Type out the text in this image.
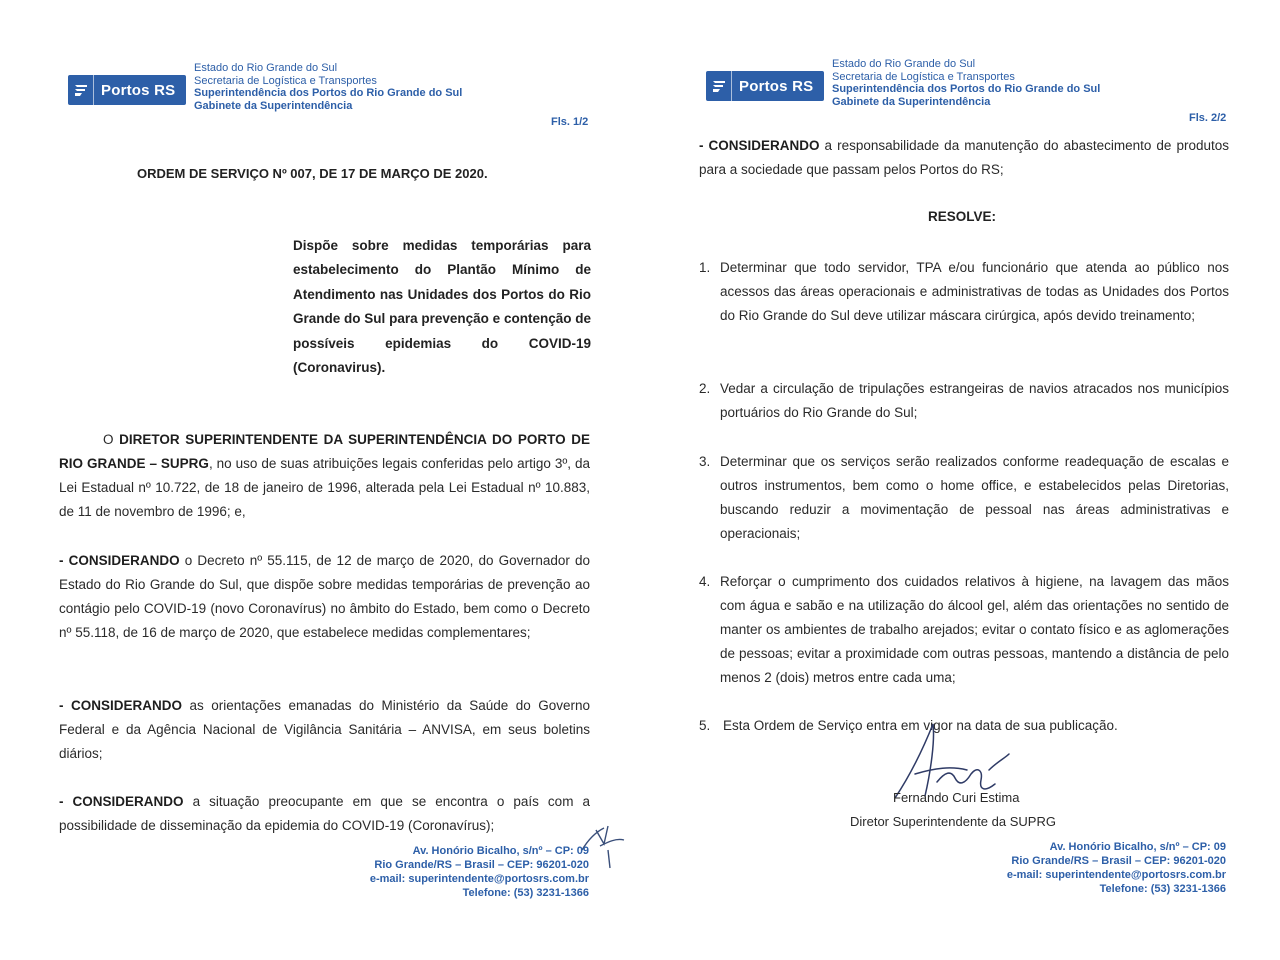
Portos RS
Estado do Rio Grande do Sul
Secretaria de Logística e Transportes
Superintendência dos Portos do Rio Grande do Sul
Gabinete da Superintendência
Fls. 1/2
ORDEM DE SERVIÇO Nº 007, DE 17 DE MARÇO DE 2020.
Dispõe sobre medidas temporárias para estabelecimento do Plantão Mínimo de Atendimento nas Unidades dos Portos do Rio Grande do Sul para prevenção e contenção de possíveis epidemias do COVID-19 (Coronavirus).
O DIRETOR SUPERINTENDENTE DA SUPERINTENDÊNCIA DO PORTO DE RIO GRANDE – SUPRG, no uso de suas atribuições legais conferidas pelo artigo 3º, da Lei Estadual nº 10.722, de 18 de janeiro de 1996, alterada pela Lei Estadual nº 10.883, de 11 de novembro de 1996; e,
- CONSIDERANDO o Decreto nº 55.115, de 12 de março de 2020, do Governador do Estado do Rio Grande do Sul, que dispõe sobre medidas temporárias de prevenção ao contágio pelo COVID-19 (novo Coronavírus) no âmbito do Estado, bem como o Decreto nº 55.118, de 16 de março de 2020, que estabelece medidas complementares;
- CONSIDERANDO as orientações emanadas do Ministério da Saúde do Governo Federal e da Agência Nacional de Vigilância Sanitária – ANVISA, em seus boletins diários;
- CONSIDERANDO a situação preocupante em que se encontra o país com a possibilidade de disseminação da epidemia do COVID-19 (Coronavírus);
Av. Honório Bicalho, s/nº – CP: 09
Rio Grande/RS – Brasil – CEP: 96201-020
e-mail: superintendente@portosrs.com.br
Telefone: (53) 3231-1366
Portos RS
Estado do Rio Grande do Sul
Secretaria de Logística e Transportes
Superintendência dos Portos do Rio Grande do Sul
Gabinete da Superintendência
Fls. 2/2
- CONSIDERANDO a responsabilidade da manutenção do abastecimento de produtos para a sociedade que passam pelos Portos do RS;
RESOLVE:
1. Determinar que todo servidor, TPA e/ou funcionário que atenda ao público nos acessos das áreas operacionais e administrativas de todas as Unidades dos Portos do Rio Grande do Sul deve utilizar máscara cirúrgica, após devido treinamento;
2. Vedar a circulação de tripulações estrangeiras de navios atracados nos municípios portuários do Rio Grande do Sul;
3. Determinar que os serviços serão realizados conforme readequação de escalas e outros instrumentos, bem como o home office, e estabelecidos pelas Diretorias, buscando reduzir a movimentação de pessoal nas áreas administrativas e operacionais;
4. Reforçar o cumprimento dos cuidados relativos à higiene, na lavagem das mãos com água e sabão e na utilização do álcool gel, além das orientações no sentido de manter os ambientes de trabalho arejados; evitar o contato físico e as aglomerações de pessoas; evitar a proximidade com outras pessoas, mantendo a distância de pelo menos 2 (dois) metros entre cada uma;
5. Esta Ordem de Serviço entra em vigor na data de sua publicação.
Fernando Curi Estima
Diretor Superintendente da SUPRG
Av. Honório Bicalho, s/nº – CP: 09
Rio Grande/RS – Brasil – CEP: 96201-020
e-mail: superintendente@portosrs.com.br
Telefone: (53) 3231-1366
